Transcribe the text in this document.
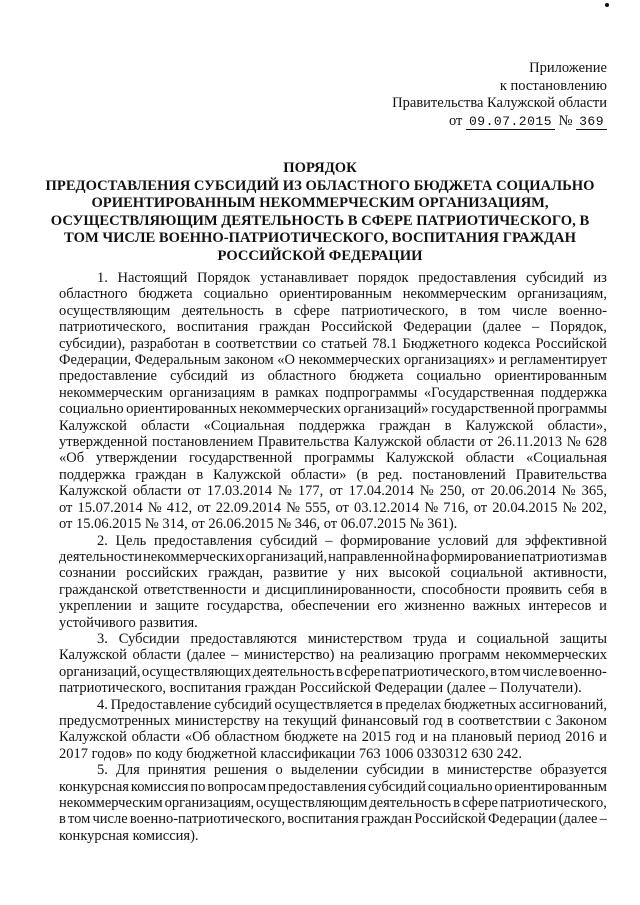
Приложение
к постановлению
Правительства Калужской области
от 09.07.2015 № 369
ПОРЯДОК
ПРЕДОСТАВЛЕНИЯ СУБСИДИЙ ИЗ ОБЛАСТНОГО БЮДЖЕТА СОЦИАЛЬНО
ОРИЕНТИРОВАННЫМ НЕКОММЕРЧЕСКИМ ОРГАНИЗАЦИЯМ,
ОСУЩЕСТВЛЯЮЩИМ ДЕЯТЕЛЬНОСТЬ В СФЕРЕ ПАТРИОТИЧЕСКОГО, В
ТОМ ЧИСЛЕ ВОЕННО-ПАТРИОТИЧЕСКОГО, ВОСПИТАНИЯ ГРАЖДАН
РОССИЙСКОЙ ФЕДЕРАЦИИ
1. Настоящий Порядок устанавливает порядок предоставления субсидий из
областного бюджета социально ориентированным некоммерческим организациям,
осуществляющим деятельность в сфере патриотического, в том числе военно-
патриотического, воспитания граждан Российской Федерации (далее – Порядок,
субсидии), разработан в соответствии со статьей 78.1 Бюджетного кодекса Российской
Федерации, Федеральным законом «О некоммерческих организациях» и регламентирует
предоставление субсидий из областного бюджета социально ориентированным
некоммерческим организациям в рамках подпрограммы «Государственная поддержка
социально ориентированных некоммерческих организаций» государственной программы
Калужской области «Социальная поддержка граждан в Калужской области»,
утвержденной постановлением Правительства Калужской области от 26.11.2013 № 628
«Об утверждении государственной программы Калужской области «Социальная
поддержка граждан в Калужской области» (в ред. постановлений Правительства
Калужской области от 17.03.2014 № 177, от 17.04.2014 № 250, от 20.06.2014 № 365,
от 15.07.2014 № 412, от 22.09.2014 № 555, от 03.12.2014 № 716, от 20.04.2015 № 202,
от 15.06.2015 № 314, от 26.06.2015 № 346, от 06.07.2015 № 361).
2. Цель предоставления субсидий – формирование условий для эффективной
деятельности некоммерческих организаций, направленной на формирование патриотизма в
сознании российских граждан, развитие у них высокой социальной активности,
гражданской ответственности и дисциплинированности, способности проявить себя в
укреплении и защите государства, обеспечении его жизненно важных интересов и
устойчивого развития.
3. Субсидии предоставляются министерством труда и социальной защиты
Калужской области (далее – министерство) на реализацию программ некоммерческих
организаций, осуществляющих деятельность в сфере патриотического, в том числе военно-
патриотического, воспитания граждан Российской Федерации (далее – Получатели).
4. Предоставление субсидий осуществляется в пределах бюджетных ассигнований,
предусмотренных министерству на текущий финансовый год в соответствии с Законом
Калужской области «Об областном бюджете на 2015 год и на плановый период 2016 и
2017 годов» по коду бюджетной классификации 763 1006 0330312 630 242.
5. Для принятия решения о выделении субсидии в министерстве образуется
конкурсная комиссия по вопросам предоставления субсидий социально ориентированным
некоммерческим организациям, осуществляющим деятельность в сфере патриотического,
в том числе военно-патриотического, воспитания граждан Российской Федерации (далее –
конкурсная комиссия).
